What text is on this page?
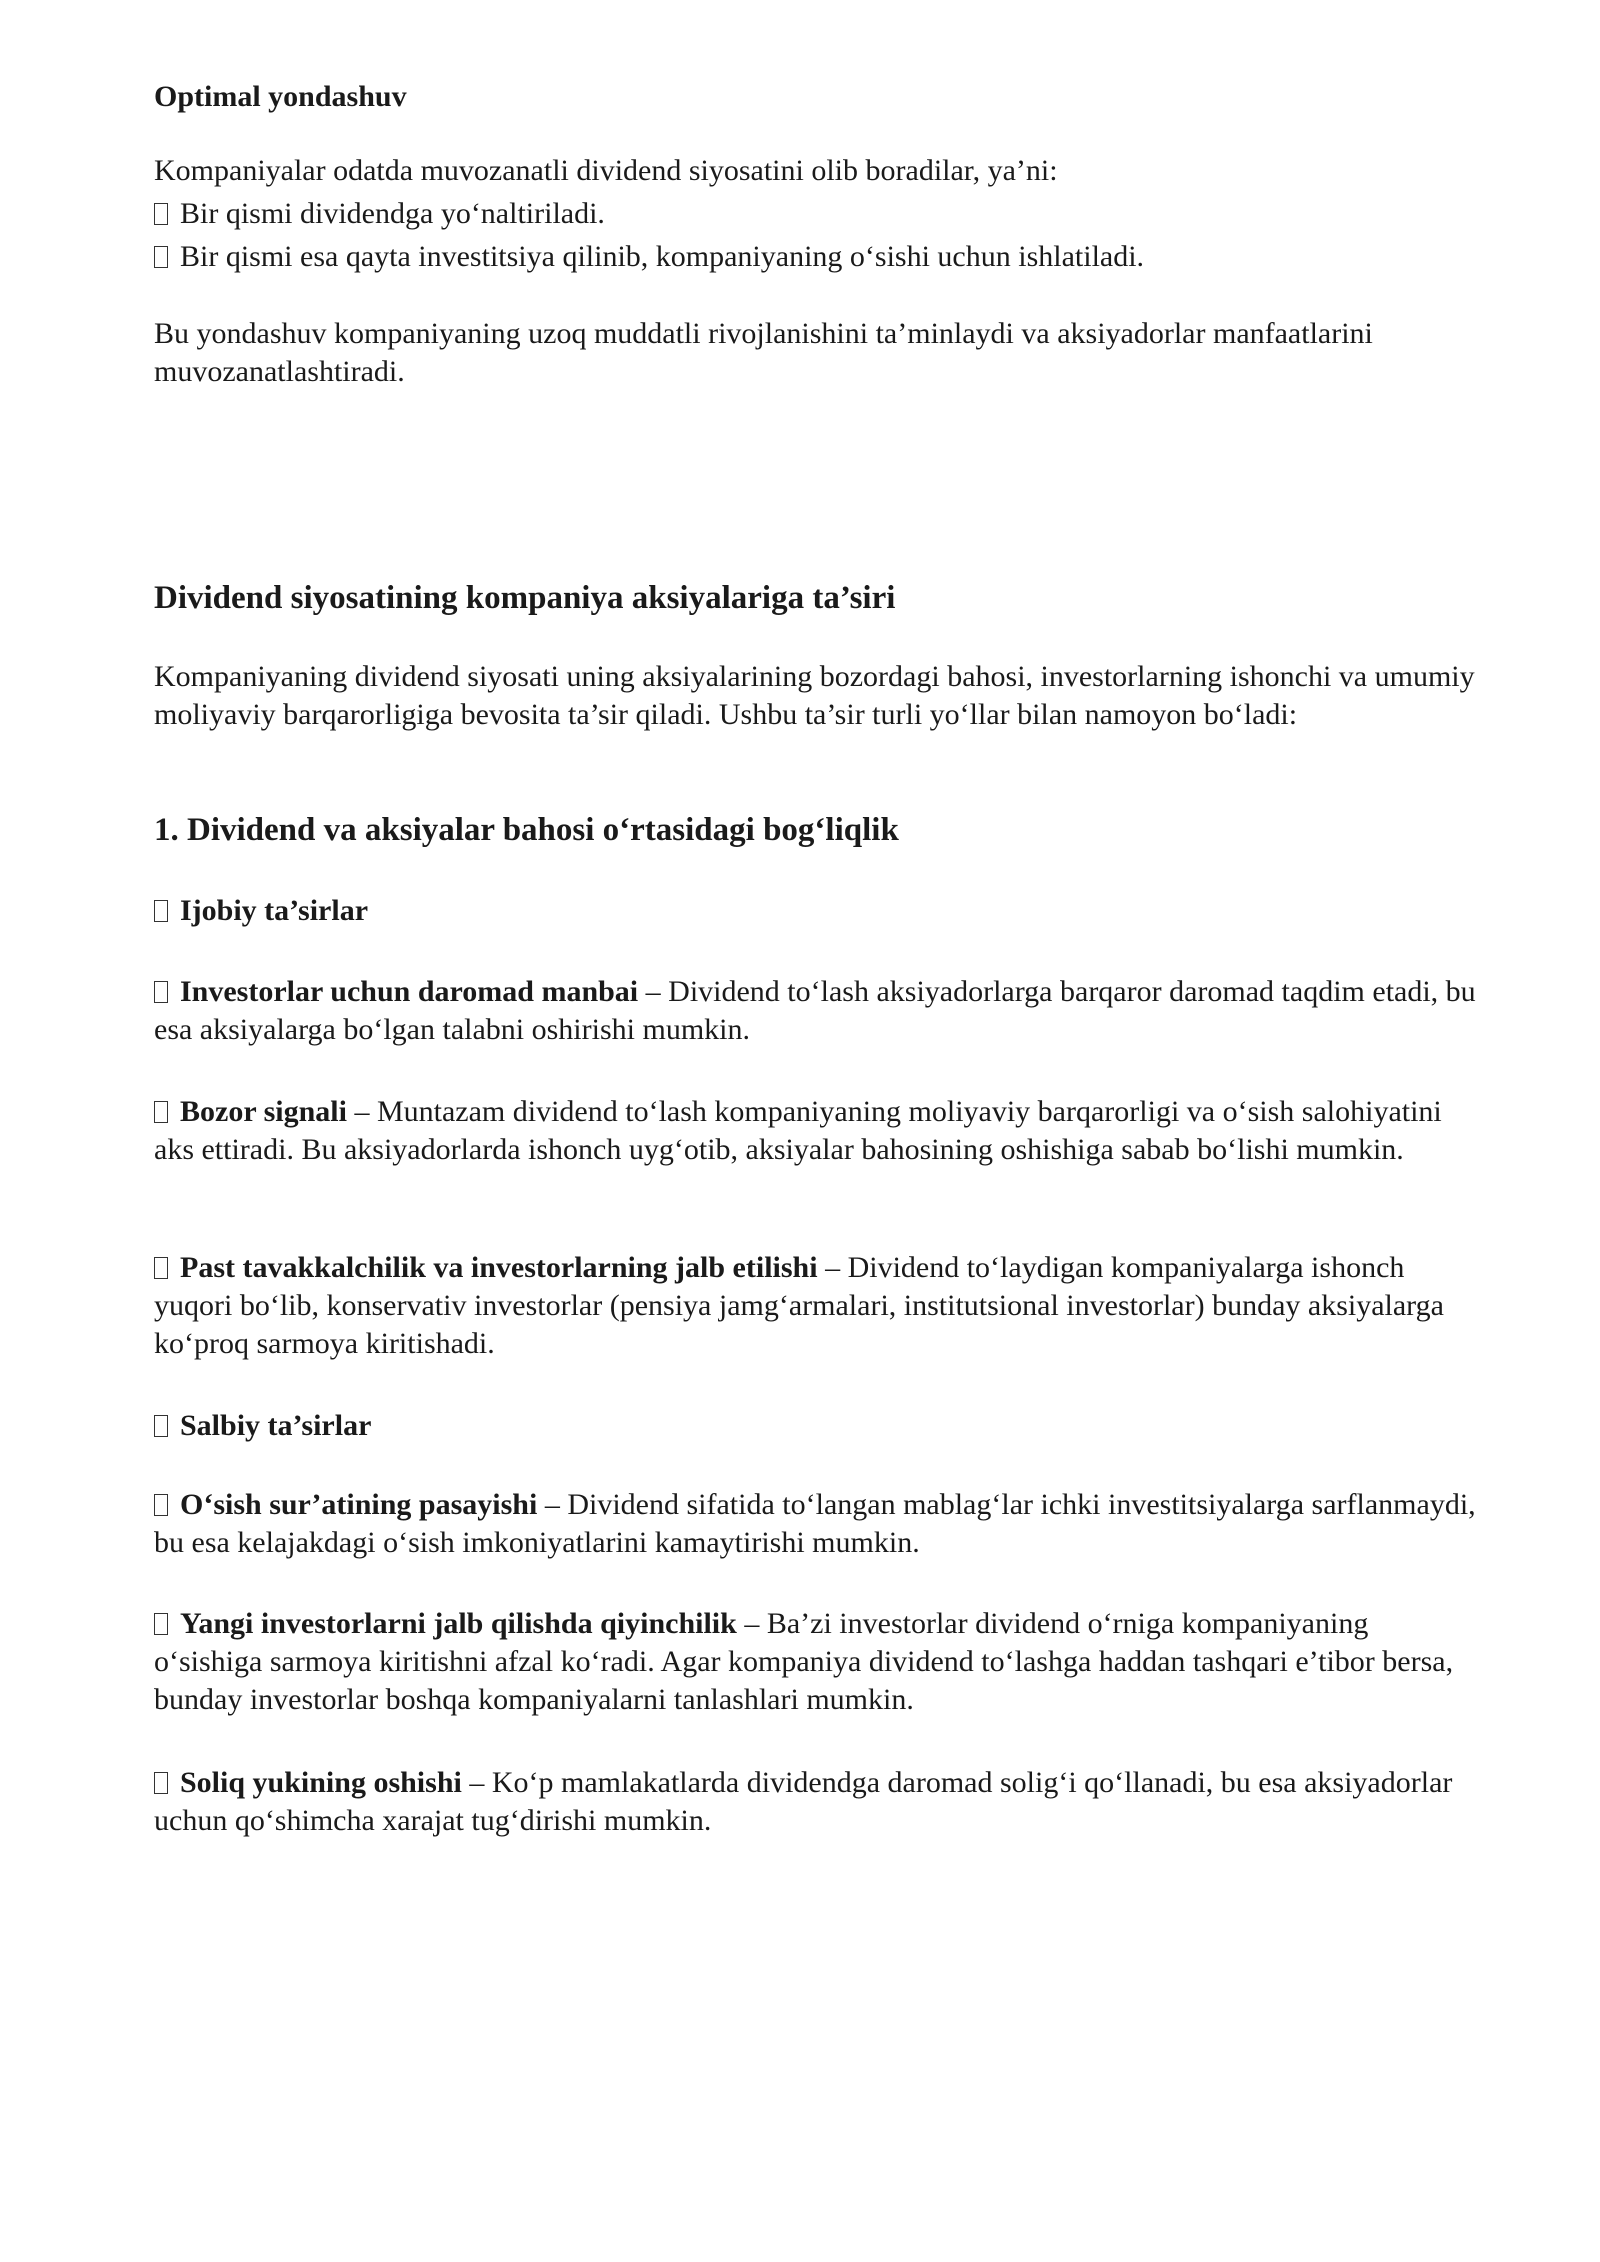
Optimal yondashuv

Kompaniyalar odatda muvozanatli dividend siyosatini olib boradilar, ya’ni:

Bir qismi dividendga yo‘naltiriladi.

Bir qismi esa qayta investitsiya qilinib, kompaniyaning o‘sishi uchun ishlatiladi.

Bu yondashuv kompaniyaning uzoq muddatli rivojlanishini ta’minlaydi va aksiyadorlar manfaatlarini muvozanatlashtiradi.

Dividend siyosatining kompaniya aksiyalariga ta’siri

Kompaniyaning dividend siyosati uning aksiyalarining bozordagi bahosi, investorlarning ishonchi va umumiy moliyaviy barqarorligiga bevosita ta’sir qiladi. Ushbu ta’sir turli yo‘llar bilan namoyon bo‘ladi:

1. Dividend va aksiyalar bahosi o‘rtasidagi bog‘liqlik
Ijobiy ta’sirlar

Investorlar uchun daromad manbai – Dividend to‘lash aksiyadorlarga barqaror daromad taqdim etadi, bu esa aksiyalarga bo‘lgan talabni oshirishi mumkin.

Bozor signali – Muntazam dividend to‘lash kompaniyaning moliyaviy barqarorligi va o‘sish salohiyatini aks ettiradi. Bu aksiyadorlarda ishonch uyg‘otib, aksiyalar bahosining oshishiga sabab bo‘lishi mumkin.

Past tavakkalchilik va investorlarning jalb etilishi – Dividend to‘laydigan kompaniyalarga ishonch yuqori bo‘lib, konservativ investorlar (pensiya jamg‘armalari, institutsional investorlar) bunday aksiyalarga ko‘proq sarmoya kiritishadi.

Salbiy ta’sirlar

O‘sish sur’atining pasayishi – Dividend sifatida to‘langan mablag‘lar ichki investitsiyalarga sarflanmaydi, bu esa kelajakdagi o‘sish imkoniyatlarini kamaytirishi mumkin.

Yangi investorlarni jalb qilishda qiyinchilik – Ba’zi investorlar dividend o‘rniga kompaniyaning o‘sishiga sarmoya kiritishni afzal ko‘radi. Agar kompaniya dividend to‘lashga haddan tashqari e’tibor bersa, bunday investorlar boshqa kompaniyalarni tanlashlari mumkin.

Soliq yukining oshishi – Ko‘p mamlakatlarda dividendga daromad solig‘i qo‘llanadi, bu esa aksiyadorlar uchun qo‘shimcha xarajat tug‘dirishi mumkin.
